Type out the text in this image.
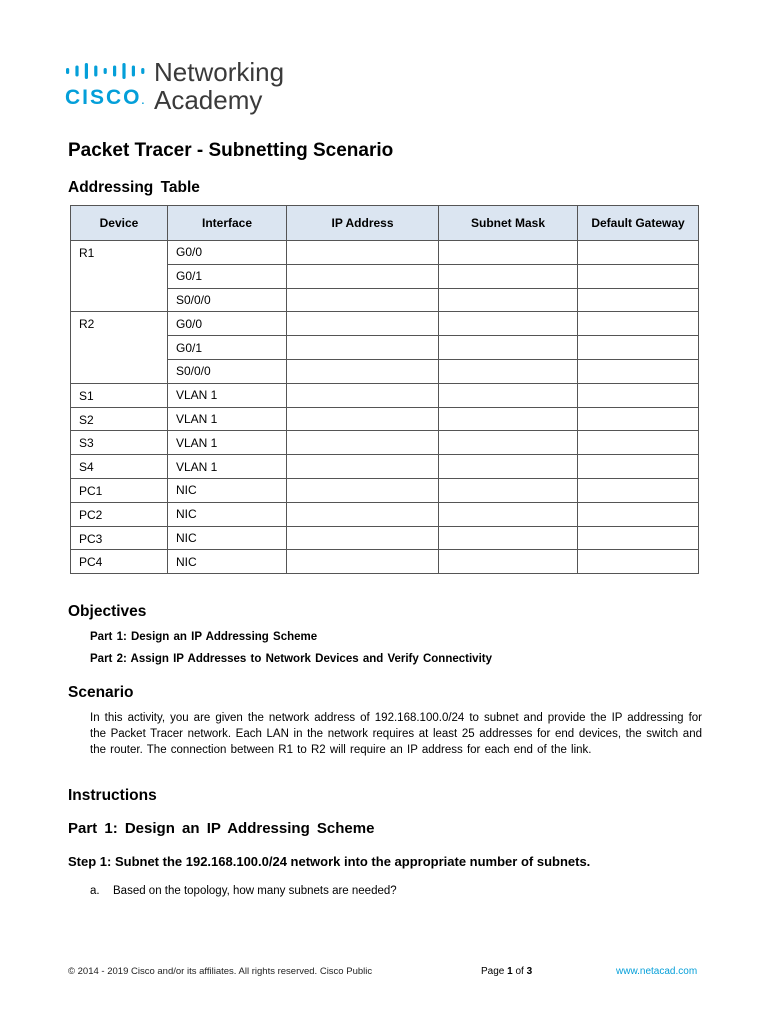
CISCO.
Networking
Academy
Packet Tracer - Subnetting Scenario
Addressing Table
Device	Interface	IP Address	Subnet Mask	Default Gateway
R1	G0/0			
	G0/1			
	S0/0/0			
R2	G0/0			
	G0/1			
	S0/0/0			
S1	VLAN 1			
S2	VLAN 1			
S3	VLAN 1			
S4	VLAN 1			
PC1	NIC			
PC2	NIC			
PC3	NIC			
PC4	NIC			
Objectives
Part 1: Design an IP Addressing Scheme
Part 2: Assign IP Addresses to Network Devices and Verify Connectivity
Scenario

In this activity, you are given the network address of 192.168.100.0/24 to subnet and provide the IP addressing for the Packet Tracer network. Each LAN in the network requires at least 25 addresses for end devices, the switch and the router. The connection between R1 to R2 will require an IP address for each end of the link.

Instructions
Part 1: Design an IP Addressing Scheme
Step 1: Subnet the 192.168.100.0/24 network into the appropriate number of subnets.
a. Based on the topology, how many subnets are needed?
© 2014 - 2019 Cisco and/or its affiliates. All rights reserved. Cisco Public	Page 1 of 3	www.netacad.com
